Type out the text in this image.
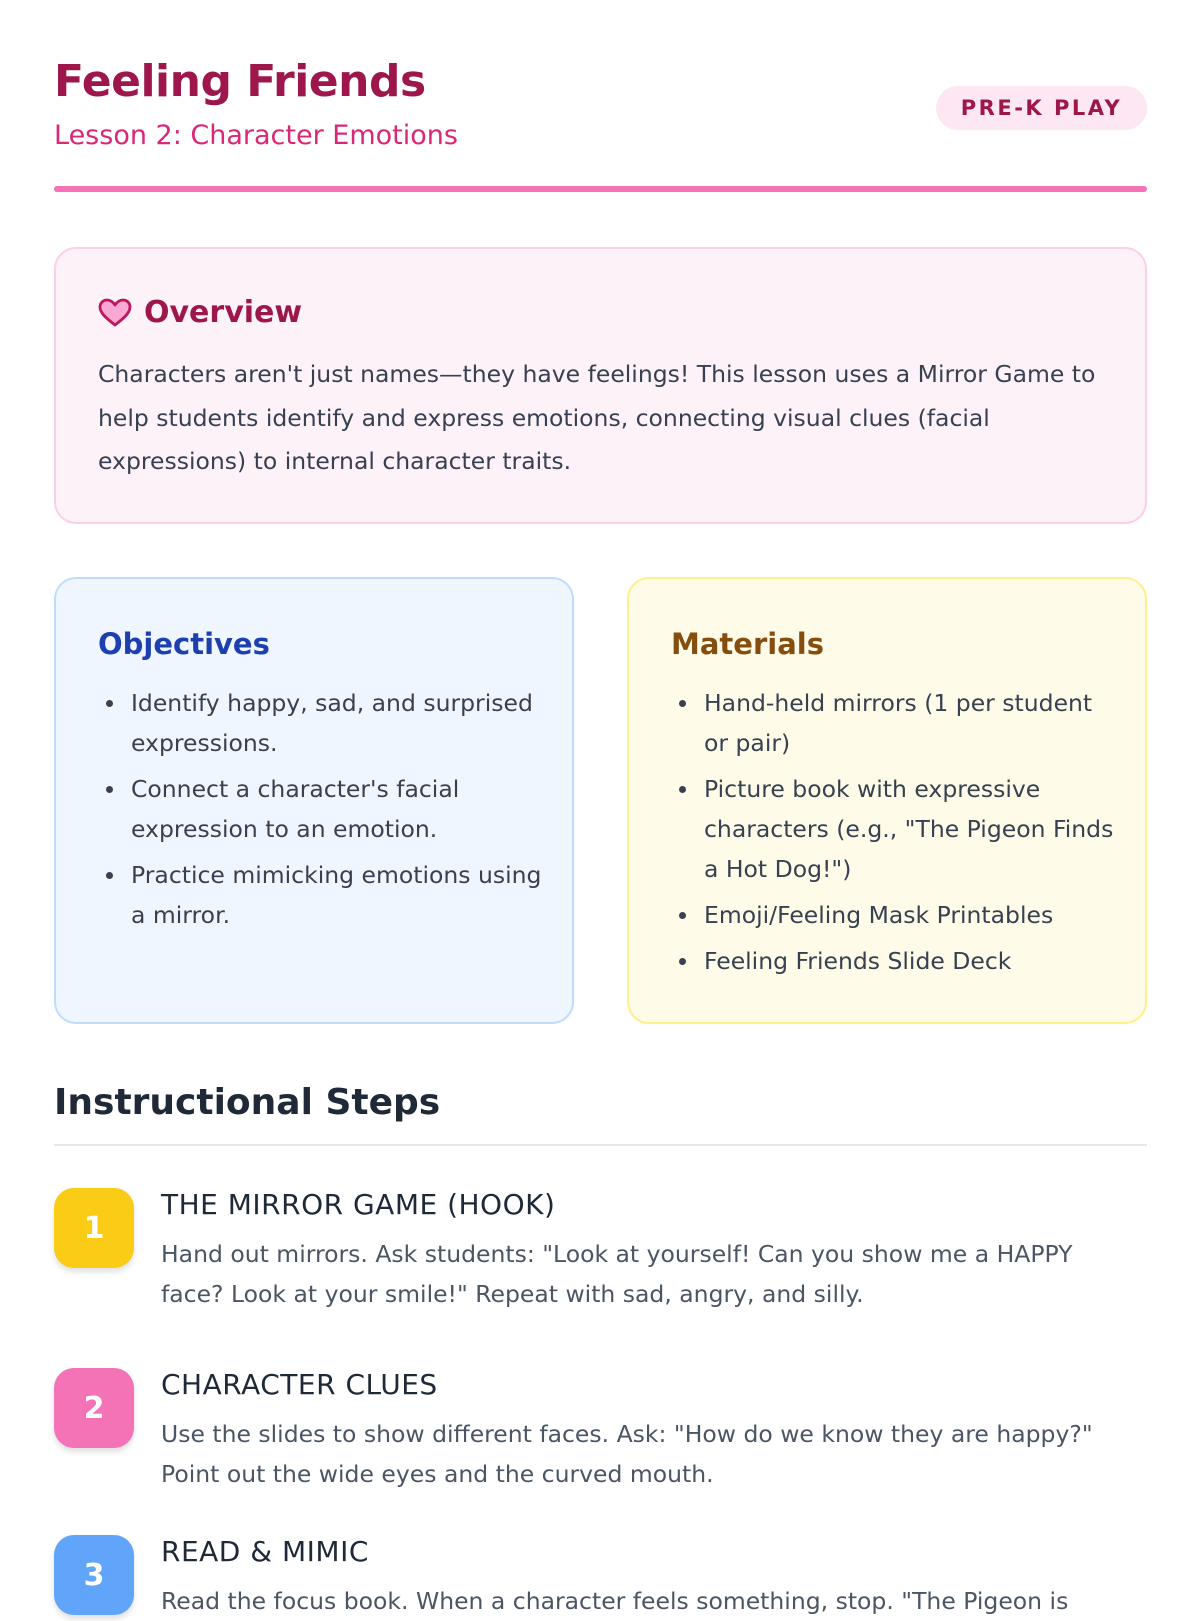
Feeling Friends
Lesson 2: Character Emotions
PRE-K PLAY
Overview

Characters aren't just names—they have feelings! This lesson uses a Mirror Game to help students identify and express emotions, connecting visual clues (facial expressions) to internal character traits.

Objectives
Identify happy, sad, and surprised expressions.
Connect a character's facial expression to an emotion.
Practice mimicking emotions using a mirror.
Materials
Hand-held mirrors (1 per student or pair)
Picture book with expressive characters (e.g., "The Pigeon Finds a Hot Dog!")
Emoji/Feeling Mask Printables
Feeling Friends Slide Deck
Instructional Steps
1
THE MIRROR GAME (HOOK)

Hand out mirrors. Ask students: "Look at yourself! Can you show me a HAPPY face? Look at your smile!" Repeat with sad, angry, and silly.

2
CHARACTER CLUES

Use the slides to show different faces. Ask: "How do we know they are happy?" Point out the wide eyes and the curved mouth.

3
READ & MIMIC

Read the focus book. When a character feels something, stop. "The Pigeon is
